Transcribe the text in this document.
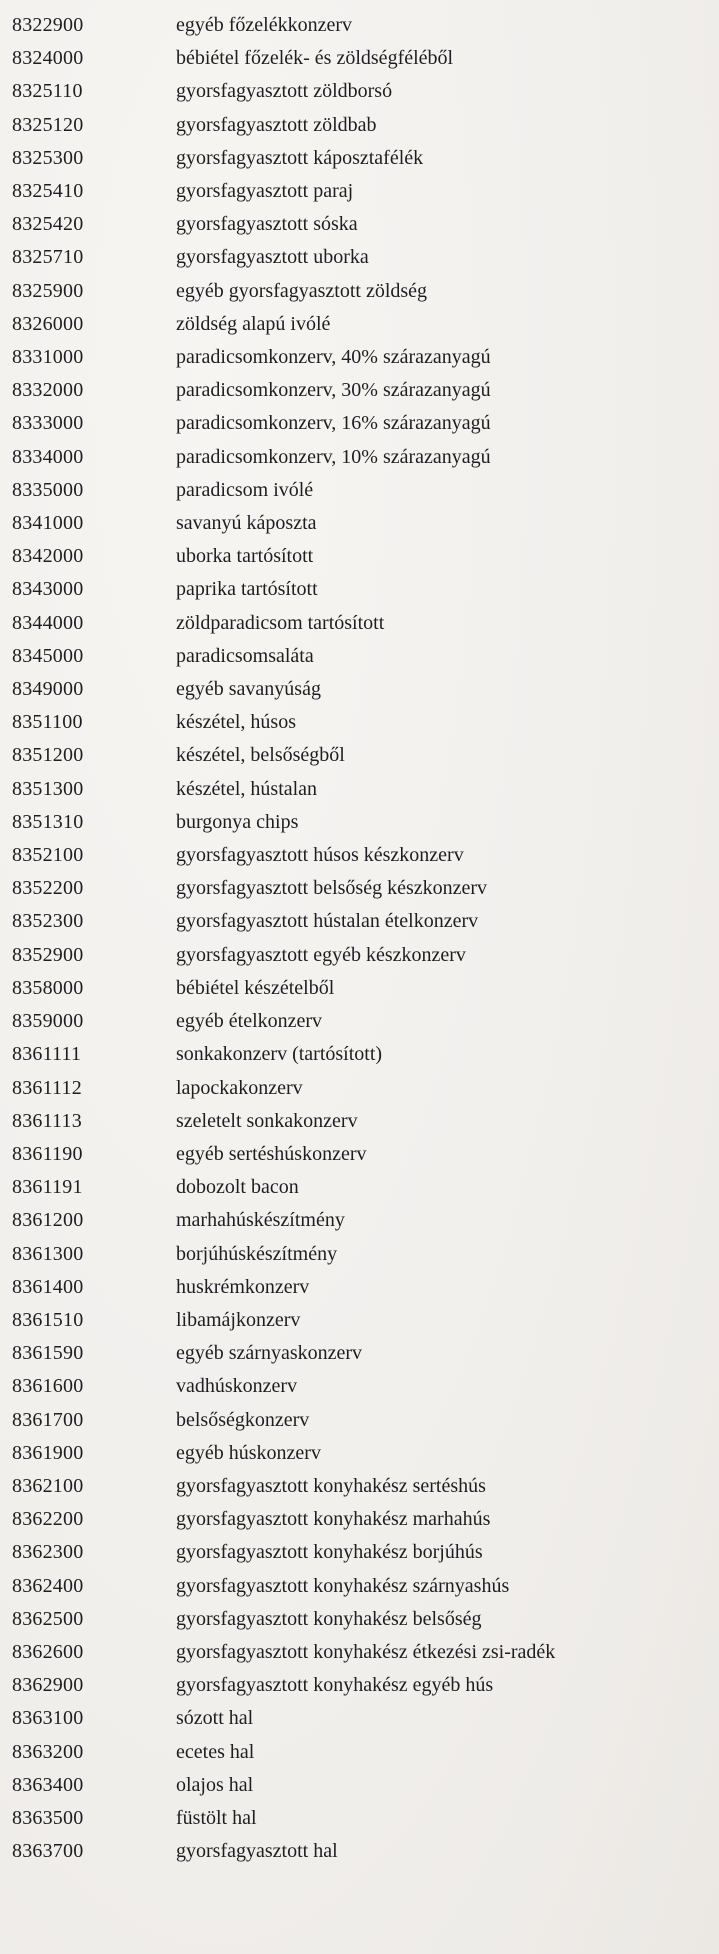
8322900	egyéb főzelékkonzerv
8324000	bébiétel főzelék- és zöldségféléből
8325110	gyorsfagyasztott zöldborsó
8325120	gyorsfagyasztott zöldbab
8325300	gyorsfagyasztott káposztafélék
8325410	gyorsfagyasztott paraj
8325420	gyorsfagyasztott sóska
8325710	gyorsfagyasztott uborka
8325900	egyéb gyorsfagyasztott zöldség
8326000	zöldség alapú ivólé
8331000	paradicsomkonzerv, 40% szárazanyagú
8332000	paradicsomkonzerv, 30% szárazanyagú
8333000	paradicsomkonzerv, 16% szárazanyagú
8334000	paradicsomkonzerv, 10% szárazanyagú
8335000	paradicsom ivólé
8341000	savanyú káposzta
8342000	uborka tartósított
8343000	paprika tartósított
8344000	zöldparadicsom tartósított
8345000	paradicsomsaláta
8349000	egyéb savanyúság
8351100	készétel, húsos
8351200	készétel, belsőségből
8351300	készétel, hústalan
8351310	burgonya chips
8352100	gyorsfagyasztott húsos készkonzerv
8352200	gyorsfagyasztott belsőség készkonzerv
8352300	gyorsfagyasztott hústalan ételkonzerv
8352900	gyorsfagyasztott egyéb készkonzerv
8358000	bébiétel készételből
8359000	egyéb ételkonzerv
8361111	sonkakonzerv (tartósított)
8361112	lapockakonzerv
8361113	szeletelt sonkakonzerv
8361190	egyéb sertéshúskonzerv
8361191	dobozolt bacon
8361200	marhahúskészítmény
8361300	borjúhúskészítmény
8361400	huskrémkonzerv
8361510	libamájkonzerv
8361590	egyéb szárnyaskonzerv
8361600	vadhúskonzerv
8361700	belsőségkonzerv
8361900	egyéb húskonzerv
8362100	gyorsfagyasztott konyhakész sertéshús
8362200	gyorsfagyasztott konyhakész marhahús
8362300	gyorsfagyasztott konyhakész borjúhús
8362400	gyorsfagyasztott konyhakész szárnyashús
8362500	gyorsfagyasztott konyhakész belsőség
8362600	gyorsfagyasztott konyhakész étkezési zsi-radék
8362900	gyorsfagyasztott konyhakész egyéb hús
8363100	sózott hal
8363200	ecetes hal
8363400	olajos hal
8363500	füstölt hal
8363700	gyorsfagyasztott hal
